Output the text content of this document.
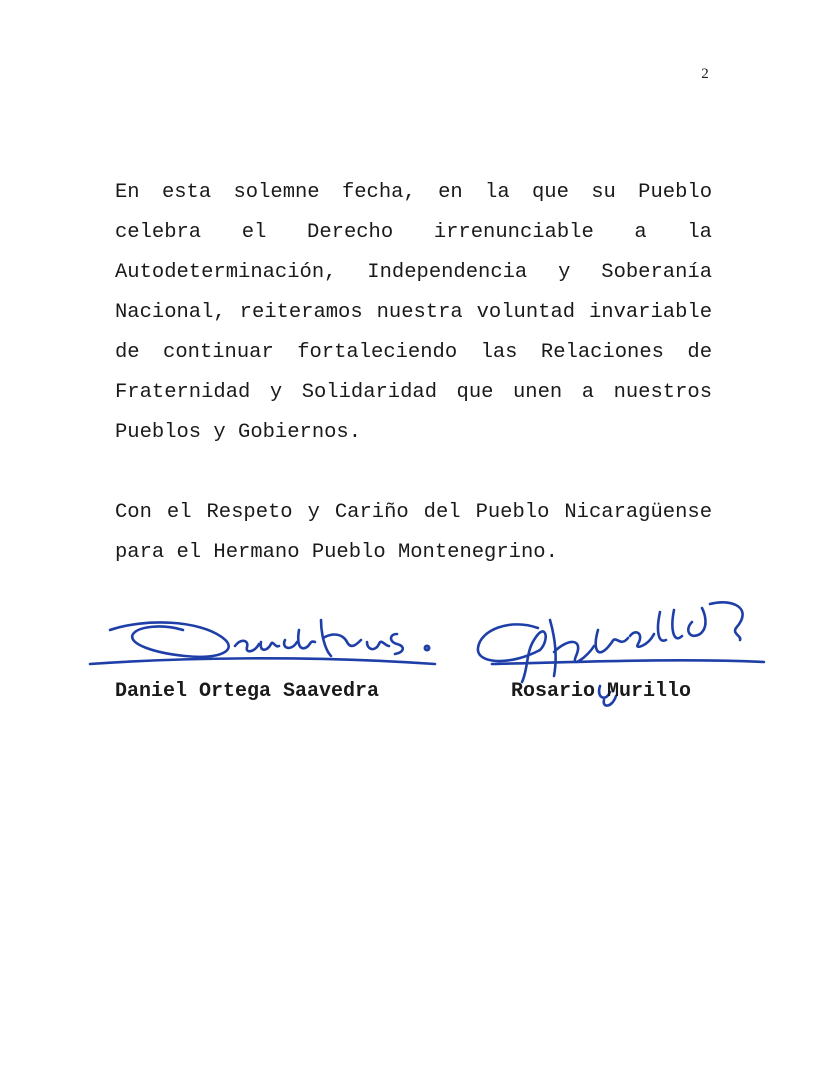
2

En esta solemne fecha, en la que su Pueblo celebra el Derecho irrenunciable a la Autodeterminación, Independencia y Soberanía Nacional, reiteramos nuestra voluntad invariable de continuar fortaleciendo las Relaciones de Fraternidad y Solidaridad que unen a nuestros Pueblos y Gobiernos.

Con el Respeto y Cariño del Pueblo Nicaragüense para el Hermano Pueblo Montenegrino.

Daniel Ortega Saavedra	Rosario Murillo
